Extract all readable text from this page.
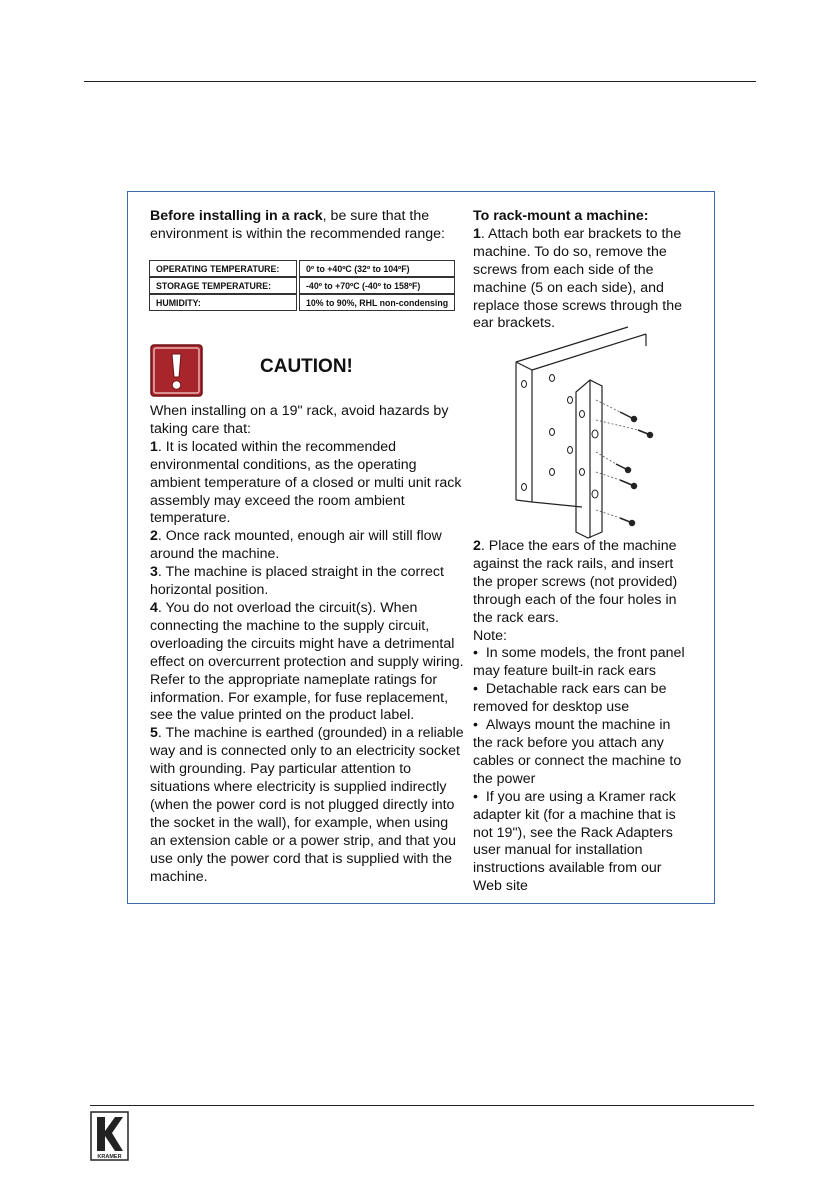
Before installing in a rack, be sure that the environment is within the recommended range:
OPERATING TEMPERATURE:		0º to +40ºC (32º to 104ºF)
STORAGE TEMPERATURE:		-40º to +70ºC (-40º to 158ºF)
HUMIDITY:		10% to 90%, RHL non-condensing
CAUTION!

When installing on a 19" rack, avoid hazards by taking care that:

1. It is located within the recommended environmental conditions, as the operating ambient temperature of a closed or multi unit rack assembly may exceed the room ambient temperature.

2. Once rack mounted, enough air will still flow around the machine.

3. The machine is placed straight in the correct horizontal position.

4. You do not overload the circuit(s). When connecting the machine to the supply circuit, overloading the circuits might have a detrimental effect on overcurrent protection and supply wiring. Refer to the appropriate nameplate ratings for information. For example, for fuse replacement, see the value printed on the product label.

5. The machine is earthed (grounded) in a reliable way and is connected only to an electricity socket with grounding. Pay particular attention to situations where electricity is supplied indirectly (when the power cord is not plugged directly into the socket in the wall), for example, when using an extension cable or a power strip, and that you use only the power cord that is supplied with the machine.

To rack-mount a machine:

1. Attach both ear brackets to the machine. To do so, remove the screws from each side of the machine (5 on each side), and replace those screws through the ear brackets.

2. Place the ears of the machine against the rack rails, and insert the proper screws (not provided) through each of the four holes in the rack ears.

Note:

•  In some models, the front panel may feature built-in rack ears

•  Detachable rack ears can be removed for desktop use

•  Always mount the machine in the rack before you attach any cables or connect the machine to the power

•  If you are using a Kramer rack adapter kit (for a machine that is not 19"), see the Rack Adapters user manual for installation instructions available from our Web site

KRAMER
